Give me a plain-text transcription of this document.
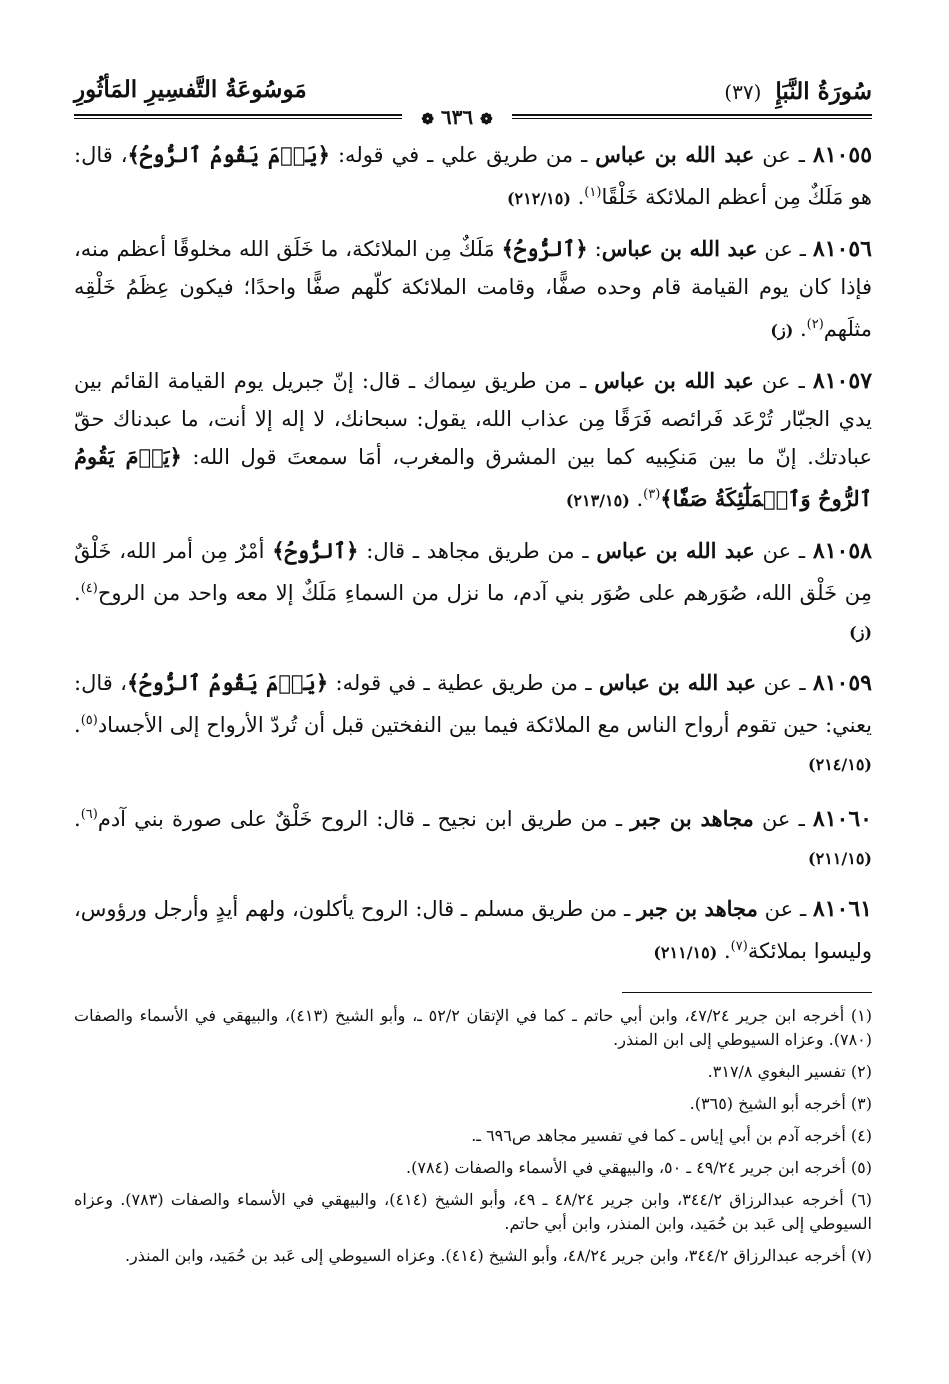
سُورَةُ النَّبَإِ (٣٧)
مَوسُوعَةُ التَّفسِيرِ المَأثُورِ
❁ ٦٣٦ ❁

٨١٠٥٥ ـ عن عبد الله بن عباس ـ من طريق علي ـ في قوله: ﴿يَوۡمَ يَقُومُ ٱلرُّوحُ﴾، قال: هو مَلَكٌ مِن أعظم الملائكة خَلْقًا$^{(١)}$. (٢١٢/١٥)

٨١٠٥٦ ـ عن عبد الله بن عباس: ﴿ٱلرُّوحُ﴾ مَلَكٌ مِن الملائكة، ما خَلَق الله مخلوقًا أعظم منه، فإذا كان يوم القيامة قام وحده صفًّا، وقامت الملائكة كلّهم صفًّا واحدًا؛ فيكون عِظَمُ خَلْقِه مثلَهم$^{(٢)}$. (ز)

٨١٠٥٧ ـ عن عبد الله بن عباس ـ من طريق سِماك ـ قال: إنّ جبريل يوم القيامة القائم بين يدي الجبّار تُرْعَد فَرائصه فَرَقًا مِن عذاب الله، يقول: سبحانك، لا إله إلا أنت، ما عبدناك حقّ عبادتك. إنّ ما بين مَنكِبيه كما بين المشرق والمغرب، أمَا سمعتَ قول الله: ﴿يَوۡمَ يَقُومُ ٱلرُّوحُ وَٱلۡمَلَٰٓئِكَةُ صَفّٗا﴾$^{(٣)}$. (٢١٣/١٥)

٨١٠٥٨ ـ عن عبد الله بن عباس ـ من طريق مجاهد ـ قال: ﴿ٱلرُّوحُ﴾ أمْرٌ مِن أمر الله، خَلْقٌ مِن خَلْق الله، صُوَرهم على صُوَر بني آدم، ما نزل من السماءِ مَلَكٌ إلا معه واحد من الروح$^{(٤)}$. (ز)

٨١٠٥٩ ـ عن عبد الله بن عباس ـ من طريق عطية ـ في قوله: ﴿يَوۡمَ يَقُومُ ٱلرُّوحُ﴾، قال: يعني: حين تقوم أرواح الناس مع الملائكة فيما بين النفختين قبل أن تُردّ الأرواح إلى الأجساد$^{(٥)}$. (٢١٤/١٥)

٨١٠٦٠ ـ عن مجاهد بن جبر ـ من طريق ابن نجيح ـ قال: الروح خَلْقٌ على صورة بني آدم$^{(٦)}$. (٢١١/١٥)

٨١٠٦١ ـ عن مجاهد بن جبر ـ من طريق مسلم ـ قال: الروح يأكلون، ولهم أيدٍ وأرجل ورؤوس، وليسوا بملائكة$^{(٧)}$. (٢١١/١٥)

(١) أخرجه ابن جرير ٤٧/٢٤، وابن أبي حاتم ـ كما في الإتقان ٥٢/٢ ـ، وأبو الشيخ (٤١٣)، والبيهقي في الأسماء والصفات (٧٨٠). وعزاه السيوطي إلى ابن المنذر.

(٢) تفسير البغوي ٣١٧/٨.

(٣) أخرجه أبو الشيخ (٣٦٥).

(٤) أخرجه آدم بن أبي إياس ـ كما في تفسير مجاهد ص٦٩٦ ـ.

(٥) أخرجه ابن جرير ٤٩/٢٤ ـ ٥٠، والبيهقي في الأسماء والصفات (٧٨٤).

(٦) أخرجه عبدالرزاق ٣٤٤/٢، وابن جرير ٤٨/٢٤ ـ ٤٩، وأبو الشيخ (٤١٤)، والبيهقي في الأسماء والصفات (٧٨٣). وعزاه السيوطي إلى عَبد بن حُمَيد، وابن المنذر، وابن أبي حاتم.

(٧) أخرجه عبدالرزاق ٣٤٤/٢، وابن جرير ٤٨/٢٤، وأبو الشيخ (٤١٤). وعزاه السيوطي إلى عَبد بن حُمَيد، وابن المنذر.
